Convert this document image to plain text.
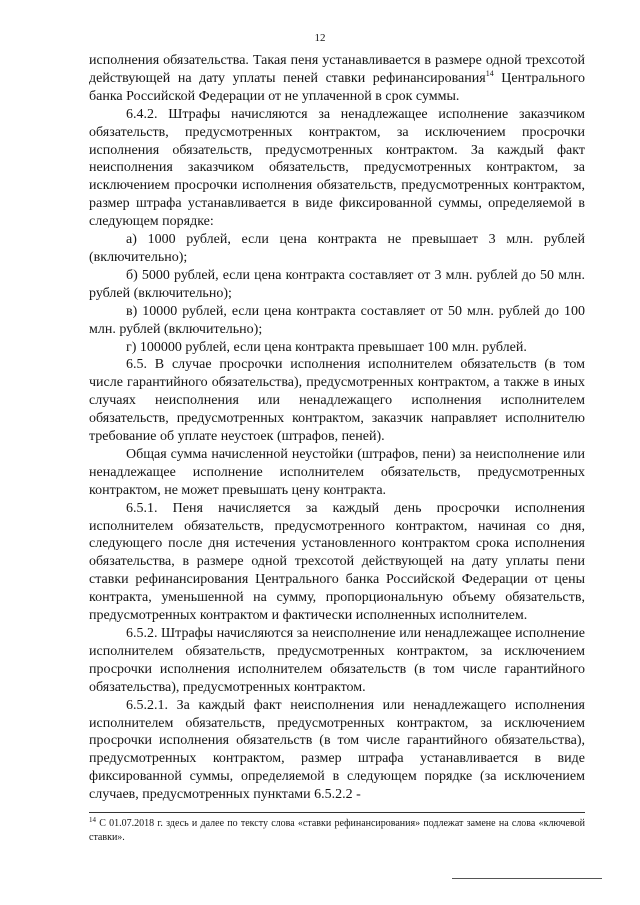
12

исполнения обязательства. Такая пеня устанавливается в размере одной трехсотой действующей на дату уплаты пеней ставки рефинансирования$^{14}$ Центрального банка Российской Федерации от не уплаченной в срок суммы.

6.4.2. Штрафы начисляются за ненадлежащее исполнение заказчиком обязательств, предусмотренных контрактом, за исключением просрочки исполнения обязательств, предусмотренных контрактом. За каждый факт неисполнения заказчиком обязательств, предусмотренных контрактом, за исключением просрочки исполнения обязательств, предусмотренных контрактом, размер штрафа устанавливается в виде фиксированной суммы, определяемой в следующем порядке:

а) 1000 рублей, если цена контракта не превышает 3 млн. рублей (включительно);

б) 5000 рублей, если цена контракта составляет от 3 млн. рублей до 50 млн. рублей (включительно);

в) 10000 рублей, если цена контракта составляет от 50 млн. рублей до 100 млн. рублей (включительно);

г) 100000 рублей, если цена контракта превышает 100 млн. рублей.

6.5. В случае просрочки исполнения исполнителем обязательств (в том числе гарантийного обязательства), предусмотренных контрактом, а также в иных случаях неисполнения или ненадлежащего исполнения исполнителем обязательств, предусмотренных контрактом, заказчик направляет исполнителю требование об уплате неустоек (штрафов, пеней).

Общая сумма начисленной неустойки (штрафов, пени) за неисполнение или ненадлежащее исполнение исполнителем обязательств, предусмотренных контрактом, не может превышать цену контракта.

6.5.1. Пеня начисляется за каждый день просрочки исполнения исполнителем обязательств, предусмотренного контрактом, начиная со дня, следующего после дня истечения установленного контрактом срока исполнения обязательства, в размере одной трехсотой действующей на дату уплаты пени ставки рефинансирования Центрального банка Российской Федерации от цены контракта, уменьшенной на сумму, пропорциональную объему обязательств, предусмотренных контрактом и фактически исполненных исполнителем.

6.5.2. Штрафы начисляются за неисполнение или ненадлежащее исполнение исполнителем обязательств, предусмотренных контрактом, за исключением просрочки исполнения исполнителем обязательств (в том числе гарантийного обязательства), предусмотренных контрактом.

6.5.2.1. За каждый факт неисполнения или ненадлежащего исполнения исполнителем обязательств, предусмотренных контрактом, за исключением просрочки исполнения обязательств (в том числе гарантийного обязательства), предусмотренных контрактом, размер штрафа устанавливается в виде фиксированной суммы, определяемой в следующем порядке (за исключением случаев, предусмотренных пунктами 6.5.2.2 -

$^{14}$ С 01.07.2018 г. здесь и далее по тексту слова «ставки рефинансирования» подлежат замене на слова «ключевой ставки».
